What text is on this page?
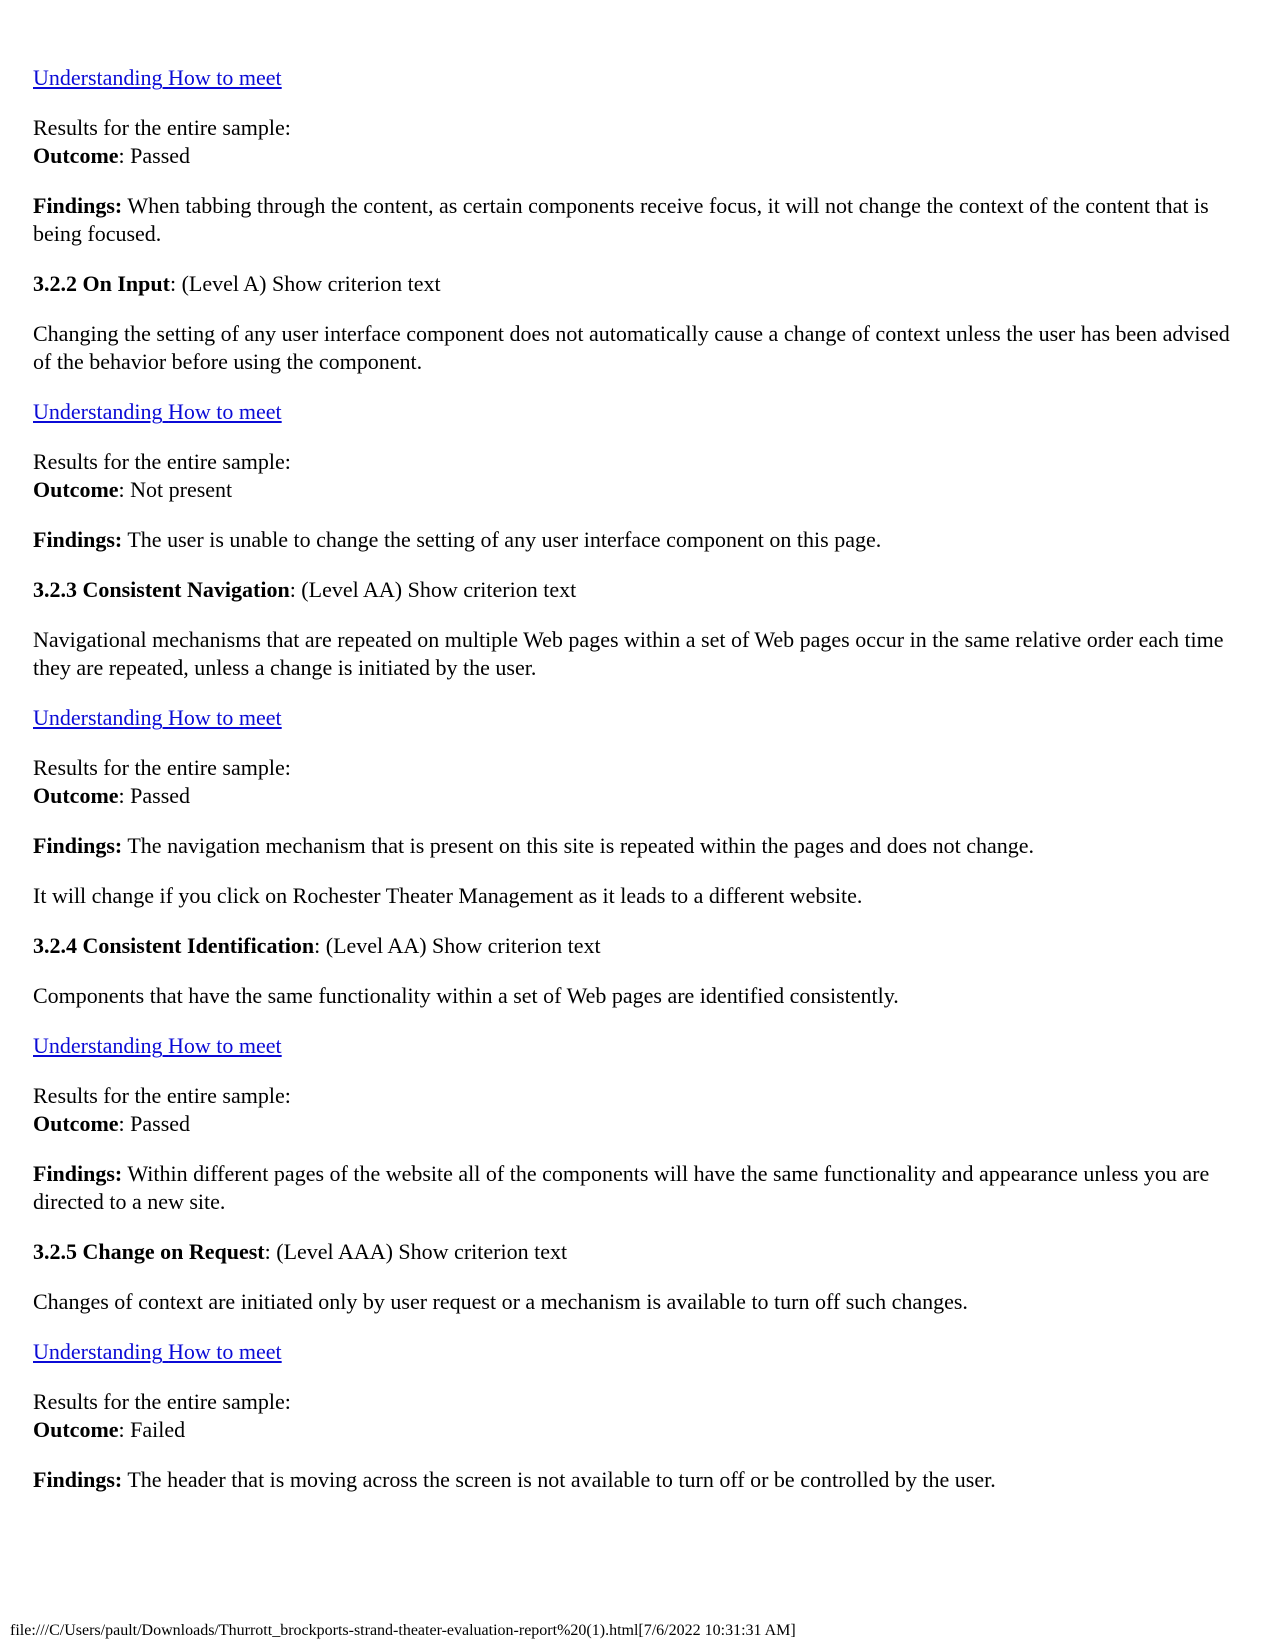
Understanding How to meet

Results for the entire sample:
Outcome: Passed

Findings: When tabbing through the content, as certain components receive focus, it will not change the context of the content that is being focused.

3.2.2 On Input: (Level A) Show criterion text

Changing the setting of any user interface component does not automatically cause a change of context unless the user has been advised of the behavior before using the component.

Understanding How to meet

Results for the entire sample:
Outcome: Not present

Findings: The user is unable to change the setting of any user interface component on this page.

3.2.3 Consistent Navigation: (Level AA) Show criterion text

Navigational mechanisms that are repeated on multiple Web pages within a set of Web pages occur in the same relative order each time they are repeated, unless a change is initiated by the user.

Understanding How to meet

Results for the entire sample:
Outcome: Passed

Findings: The navigation mechanism that is present on this site is repeated within the pages and does not change.

It will change if you click on Rochester Theater Management as it leads to a different website.

3.2.4 Consistent Identification: (Level AA) Show criterion text

Components that have the same functionality within a set of Web pages are identified consistently.

Understanding How to meet

Results for the entire sample:
Outcome: Passed

Findings: Within different pages of the website all of the components will have the same functionality and appearance unless you are directed to a new site.

3.2.5 Change on Request: (Level AAA) Show criterion text

Changes of context are initiated only by user request or a mechanism is available to turn off such changes.

Understanding How to meet

Results for the entire sample:
Outcome: Failed

Findings: The header that is moving across the screen is not available to turn off or be controlled by the user.

file:///C/Users/pault/Downloads/Thurrott_brockports-strand-theater-evaluation-report%20(1).html[7/6/2022 10:31:31 AM]
